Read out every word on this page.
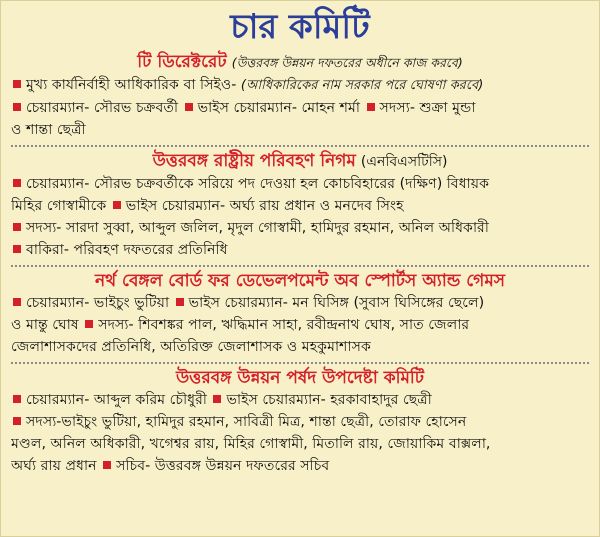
চার কমিটি
টি ডিরেক্টরেট (উত্তরবঙ্গ উন্নয়ন দফতরের অধীনে কাজ করবে)
মুখ্য কার্যনির্বাহী আধিকারিক বা সিইও- (আধিকারিকের নাম সরকার পরে ঘোষণা করবে)
চেয়ারম্যান- সৌরভ চক্রবর্তী ভাইস চেয়ারম্যান- মোহন শর্মা সদস্য- শুক্রা মুন্ডা
ও শান্তা ছেত্রী
উত্তরবঙ্গ রাষ্ট্রীয় পরিবহণ নিগম (এনবিএসটিসি)
চেয়ারম্যান- সৌরভ চক্রবর্তীকে সরিয়ে পদ দেওয়া হল কোচবিহারের (দক্ষিণ) বিধায়ক
মিহির গোস্বামীকে ভাইস চেয়ারম্যান- অর্ঘ্য রায় প্রধান ও মনদেব সিংহ
সদস্য- সারদা সুব্বা, আব্দুল জলিল, মৃদুল গোস্বামী, হামিদুর রহমান, অনিল অধিকারী
বাকিরা- পরিবহণ দফতরের প্রতিনিধি
নর্থ বেঙ্গল বোর্ড ফর ডেভেলপমেন্ট অব স্পোর্টস অ্যান্ড গেমস
চেয়ারম্যান- ভাইচুং ভুটিয়া ভাইস চেয়ারম্যান- মন ঘিসিঙ্গ (সুবাস ঘিসিঙ্গের ছেলে)
ও মান্তু ঘোষ সদস্য- শিবশঙ্কর পাল, ঋদ্ধিমান সাহা, রবীন্দ্রনাথ ঘোষ, সাত জেলার
জেলাশাসকদের প্রতিনিধি, অতিরিক্ত জেলাশাসক ও মহকুমাশাসক
উত্তরবঙ্গ উন্নয়ন পর্ষদ উপদেষ্টা কমিটি
চেয়ারম্যান- আব্দুল করিম চৌধুরী ভাইস চেয়ারম্যান- হরকাবাহাদুর ছেত্রী
সদস্য-ভাইচুং ভুটিয়া, হামিদুর রহমান, সাবিত্রী মিত্র, শান্তা ছেত্রী, তোরাফ হোসেন
মণ্ডল, অনিল অধিকারী, খগেশ্বর রায়, মিহির গোস্বামী, মিতালি রায়, জোয়াকিম বাক্সলা,
অর্ঘ্য রায় প্রধান সচিব- উত্তরবঙ্গ উন্নয়ন দফতরের সচিব
